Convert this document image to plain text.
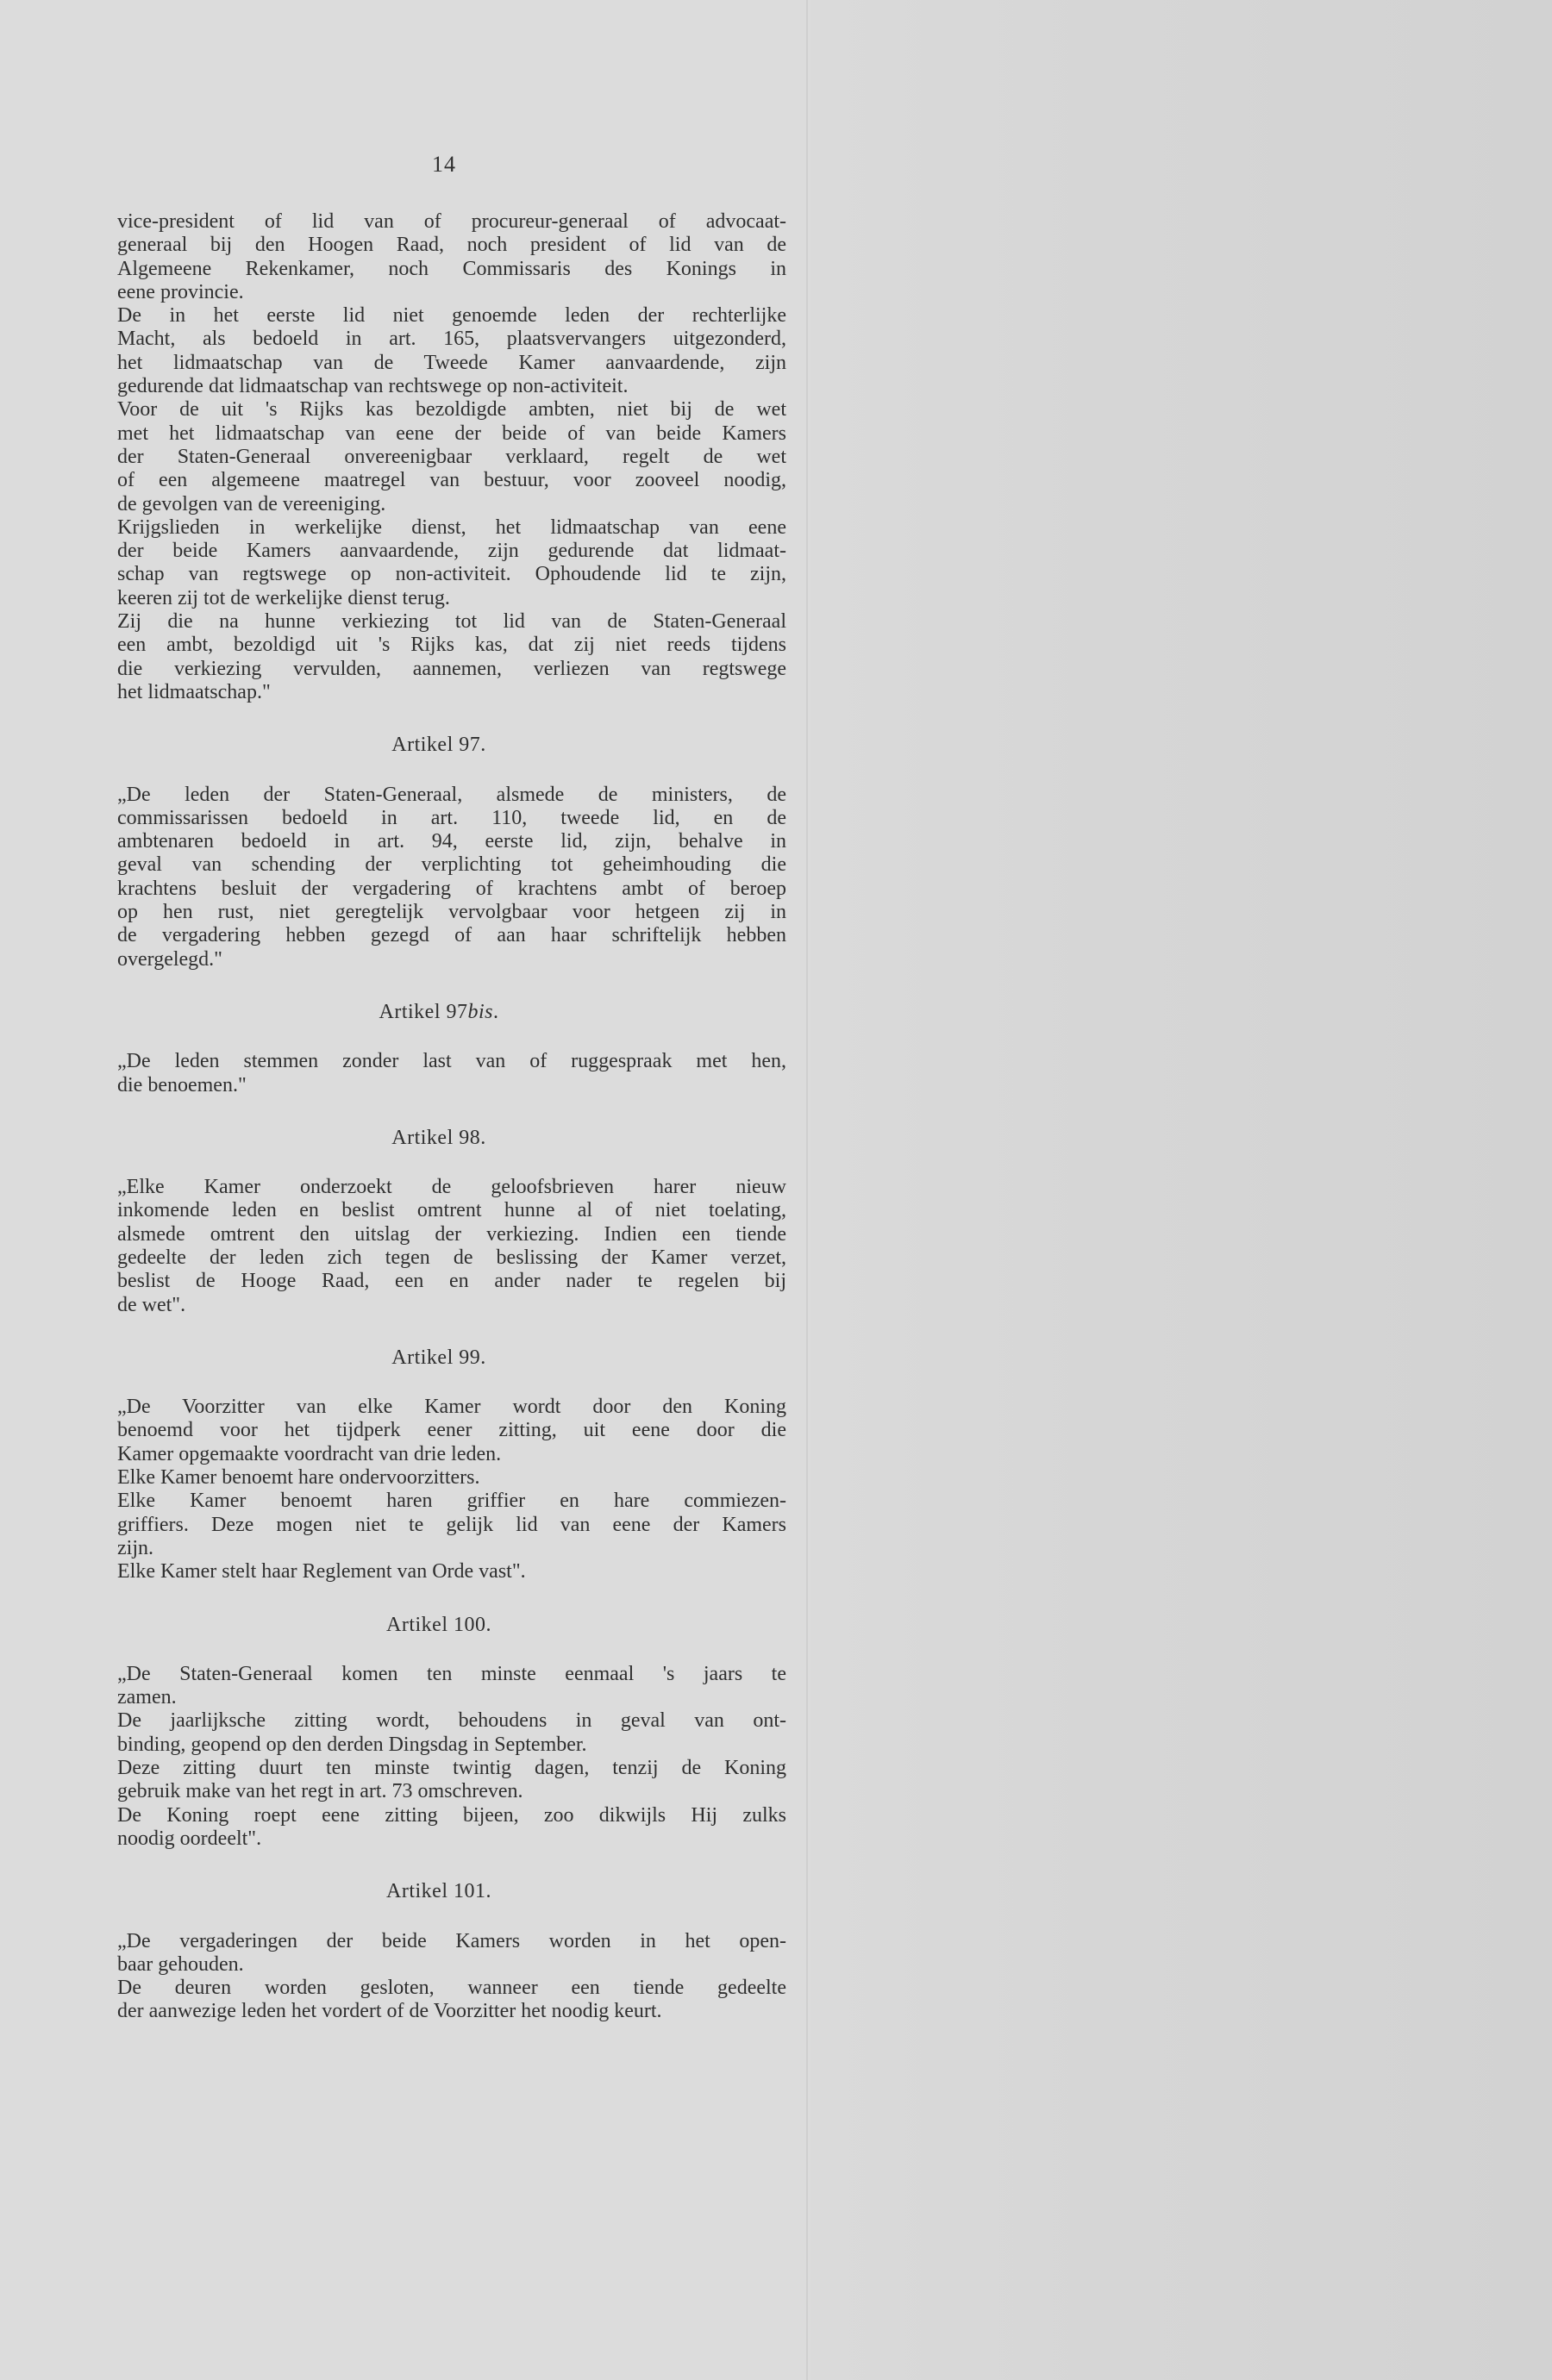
14
vice-president of lid van of procureur-generaal of advocaat-
generaal bij den Hoogen Raad, noch president of lid van de
Algemeene Rekenkamer, noch Commissaris des Konings in
eene provincie.
De in het eerste lid niet genoemde leden der rechterlijke
Macht, als bedoeld in art. 165, plaatsvervangers uitgezonderd,
het lidmaatschap van de Tweede Kamer aanvaardende, zijn
gedurende dat lidmaatschap van rechtswege op non-activiteit.
Voor de uit 's Rijks kas bezoldigde ambten, niet bij de wet
met het lidmaatschap van eene der beide of van beide Kamers
der Staten-Generaal onvereenigbaar verklaard, regelt de wet
of een algemeene maatregel van bestuur, voor zooveel noodig,
de gevolgen van de vereeniging.
Krijgslieden in werkelijke dienst, het lidmaatschap van eene
der beide Kamers aanvaardende, zijn gedurende dat lidmaat-
schap van regtswege op non-activiteit. Ophoudende lid te zijn,
keeren zij tot de werkelijke dienst terug.
Zij die na hunne verkiezing tot lid van de Staten-Generaal
een ambt, bezoldigd uit 's Rijks kas, dat zij niet reeds tijdens
die verkiezing vervulden, aannemen, verliezen van regtswege
het lidmaatschap."
Artikel 97.
„De leden der Staten-Generaal, alsmede de ministers, de
commissarissen bedoeld in art. 110, tweede lid, en de
ambtenaren bedoeld in art. 94, eerste lid, zijn, behalve in
geval van schending der verplichting tot geheimhouding die
krachtens besluit der vergadering of krachtens ambt of beroep
op hen rust, niet geregtelijk vervolgbaar voor hetgeen zij in
de vergadering hebben gezegd of aan haar schriftelijk hebben
overgelegd."
Artikel 97bis.
„De leden stemmen zonder last van of ruggespraak met hen,
die benoemen."
Artikel 98.
„Elke Kamer onderzoekt de geloofsbrieven harer nieuw
inkomende leden en beslist omtrent hunne al of niet toelating,
alsmede omtrent den uitslag der verkiezing. Indien een tiende
gedeelte der leden zich tegen de beslissing der Kamer verzet,
beslist de Hooge Raad, een en ander nader te regelen bij
de wet".
Artikel 99.
„De Voorzitter van elke Kamer wordt door den Koning
benoemd voor het tijdperk eener zitting, uit eene door die
Kamer opgemaakte voordracht van drie leden.
Elke Kamer benoemt hare ondervoorzitters.
Elke Kamer benoemt haren griffier en hare commiezen-
griffiers. Deze mogen niet te gelijk lid van eene der Kamers
zijn.
Elke Kamer stelt haar Reglement van Orde vast".
Artikel 100.
„De Staten-Generaal komen ten minste eenmaal 's jaars te
zamen.
De jaarlijksche zitting wordt, behoudens in geval van ont-
binding, geopend op den derden Dingsdag in September.
Deze zitting duurt ten minste twintig dagen, tenzij de Koning
gebruik make van het regt in art. 73 omschreven.
De Koning roept eene zitting bijeen, zoo dikwijls Hij zulks
noodig oordeelt".
Artikel 101.
„De vergaderingen der beide Kamers worden in het open-
baar gehouden.
De deuren worden gesloten, wanneer een tiende gedeelte
der aanwezige leden het vordert of de Voorzitter het noodig keurt.
